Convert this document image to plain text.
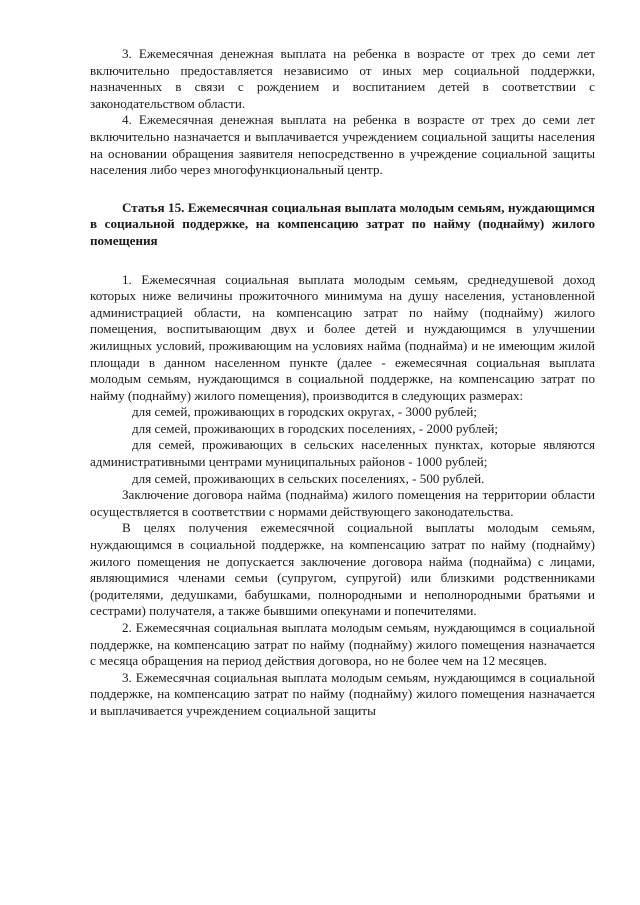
3. Ежемесячная денежная выплата на ребенка в возрасте от трех до семи лет включительно предоставляется независимо от иных мер социальной поддержки, назначенных в связи с рождением и воспитанием детей в соответствии с законодательством области.

4. Ежемесячная денежная выплата на ребенка в возрасте от трех до семи лет включительно назначается и выплачивается учреждением социальной защиты населения на основании обращения заявителя непосредственно в учреждение социальной защиты населения либо через многофункциональный центр.

Статья 15. Ежемесячная социальная выплата молодым семьям, нуждающимся в социальной поддержке, на компенсацию затрат по найму (поднайму) жилого помещения

1. Ежемесячная социальная выплата молодым семьям, среднедушевой доход которых ниже величины прожиточного минимума на душу населения, установленной администрацией области, на компенсацию затрат по найму (поднайму) жилого помещения, воспитывающим двух и более детей и нуждающимся в улучшении жилищных условий, проживающим на условиях найма (поднайма) и не имеющим жилой площади в данном населенном пункте (далее - ежемесячная социальная выплата молодым семьям, нуждающимся в социальной поддержке, на компенсацию затрат по найму (поднайму) жилого помещения), производится в следующих размерах:

для семей, проживающих в городских округах, - 3000 рублей;

для семей, проживающих в городских поселениях, - 2000 рублей;

для семей, проживающих в сельских населенных пунктах, которые являются административными центрами муниципальных районов - 1000 рублей;

для семей, проживающих в сельских поселениях, - 500 рублей.

Заключение договора найма (поднайма) жилого помещения на территории области осуществляется в соответствии с нормами действующего законодательства.

В целях получения ежемесячной социальной выплаты молодым семьям, нуждающимся в социальной поддержке, на компенсацию затрат по найму (поднайму) жилого помещения не допускается заключение договора найма (поднайма) с лицами, являющимися членами семьи (супругом, супругой) или близкими родственниками (родителями, дедушками, бабушками, полнородными и неполнородными братьями и сестрами) получателя, а также бывшими опекунами и попечителями.

2. Ежемесячная социальная выплата молодым семьям, нуждающимся в социальной поддержке, на компенсацию затрат по найму (поднайму) жилого помещения назначается с месяца обращения на период действия договора, но не более чем на 12 месяцев.

3. Ежемесячная социальная выплата молодым семьям, нуждающимся в социальной поддержке, на компенсацию затрат по найму (поднайму) жилого помещения назначается и выплачивается учреждением социальной защиты
